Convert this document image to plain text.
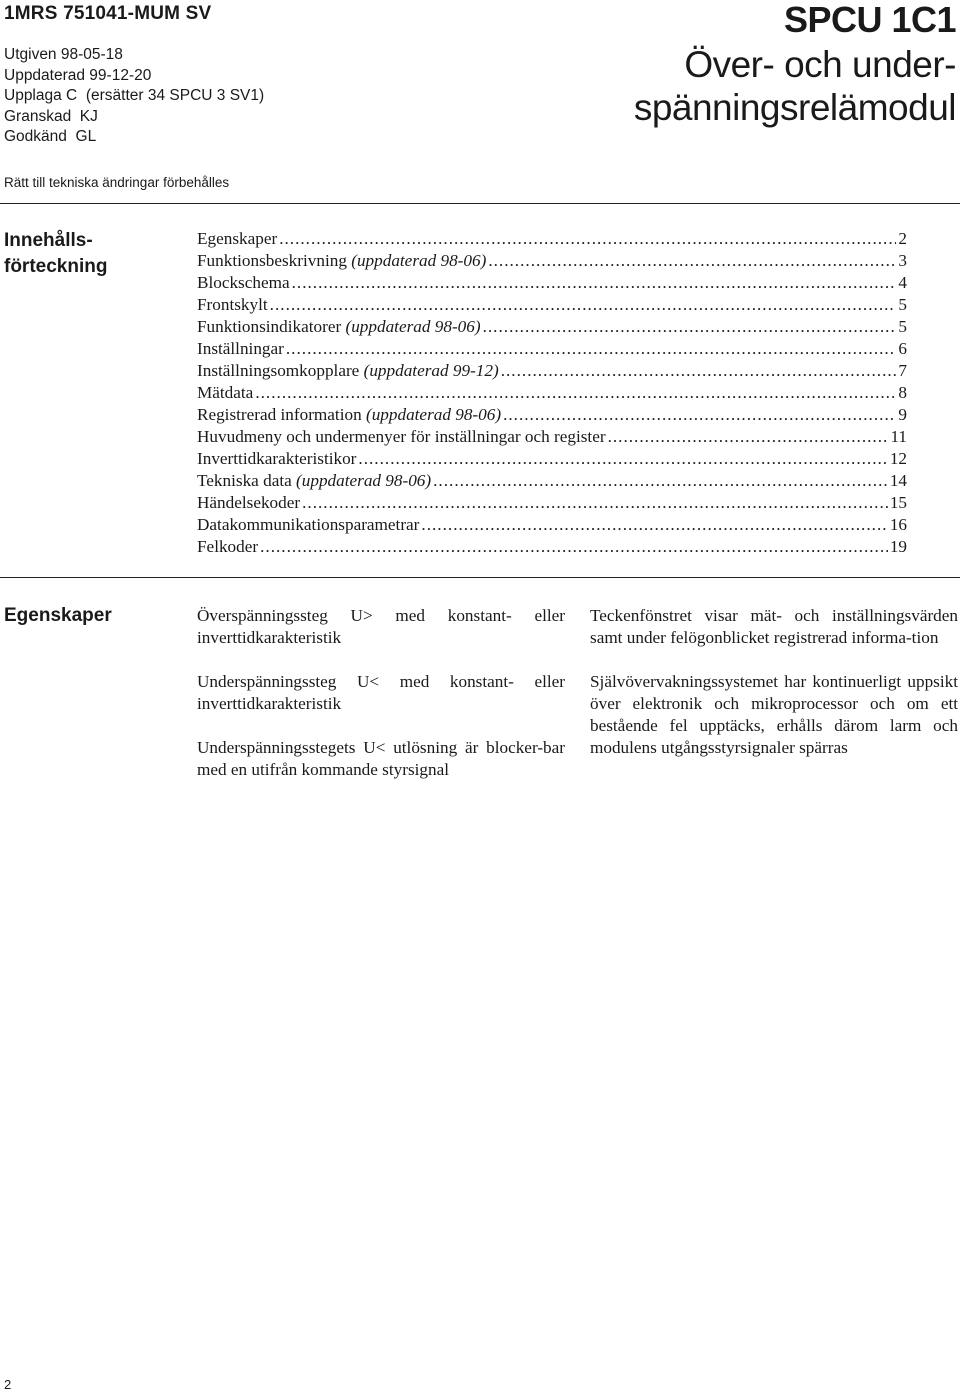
1MRS 751041-MUM SV
Utgiven 98-05-18
Uppdaterad 99-12-20
Upplaga C  (ersätter 34 SPCU 3 SV1)
Granskad  KJ
Godkänd  GL
SPCU 1C1
Över- och under-
spänningsrelämodul
Rätt till tekniska ändringar förbehålles
Innehålls-
förteckning
Egenskaper .....	2
Funktionsbeskrivning (uppdaterad 98-06) .....	3
Blockschema .....	4
Frontskylt .....	5
Funktionsindikatorer (uppdaterad 98-06) .....	5
Inställningar .....	6
Inställningsomkopplare (uppdaterad 99-12) .....	7
Mätdata .....	8
Registrerad information (uppdaterad 98-06) .....	9
Huvudmeny och undermenyer för inställningar och register .....	11
Inverttidkarakteristikor .....	12
Tekniska data (uppdaterad 98-06) .....	14
Händelsekoder .....	15
Datakommunikationsparametrar .....	16
Felkoder .....	19
Egenskaper	Överspänningssteg U> med konstant- eller inverttidkarakteristik

Underspänningssteg U< med konstant- eller inverttidkarakteristik

Underspänningsstegets U< utlösning är blocker-bar med en utifrån kommande styrsignal

Teckenfönstret visar mät- och inställningsvärden samt under felögonblicket registrerad informa-tion

Självövervakningssystemet har kontinuerligt uppsikt över elektronik och mikroprocessor och om ett bestående fel upptäcks, erhålls därom larm och modulens utgångsstyrsignaler spärras

2
